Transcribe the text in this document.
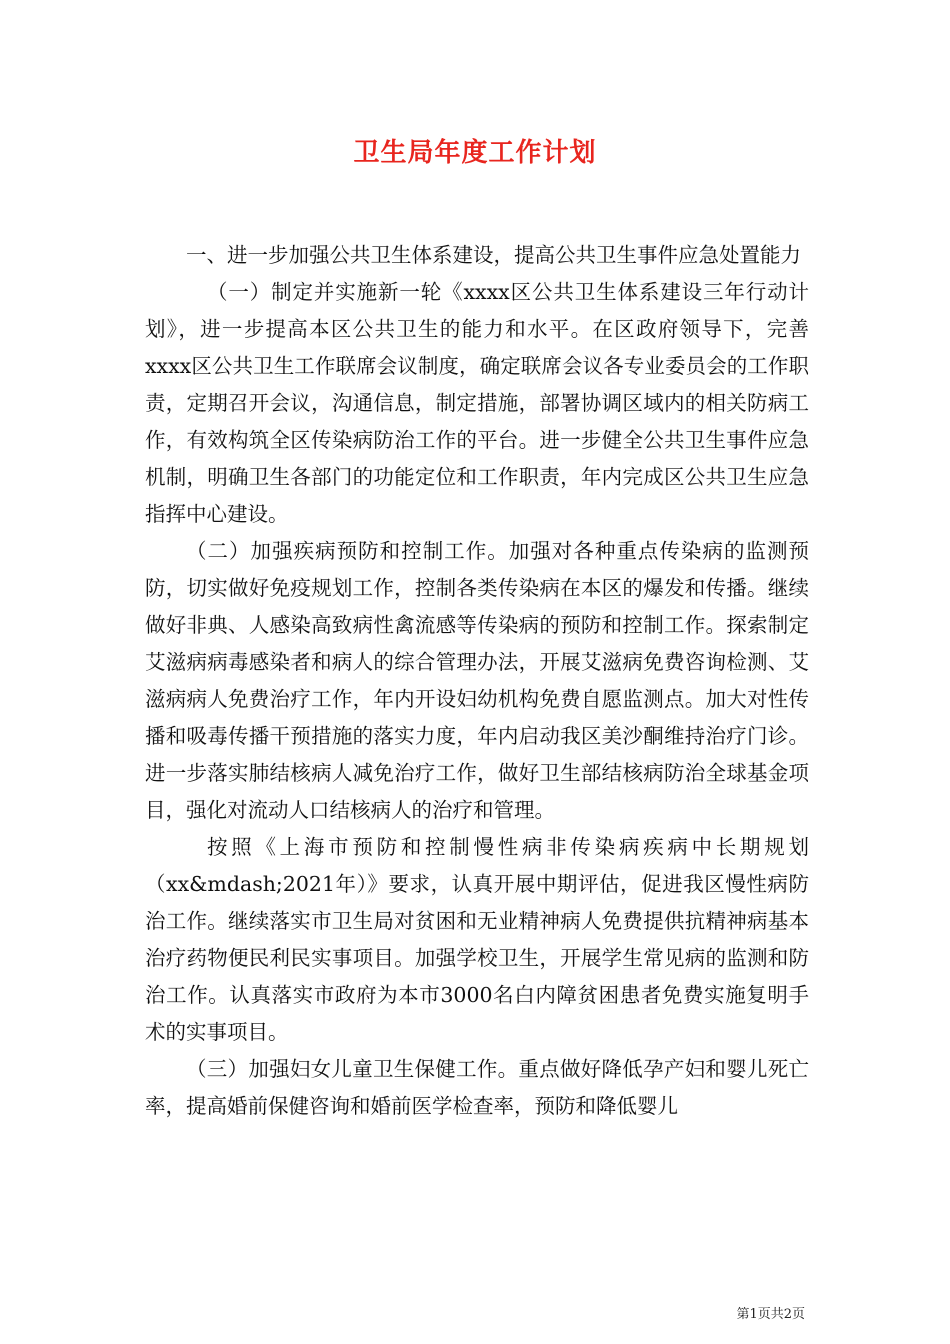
卫生局年度工作计划

一、进一步加强公共卫生体系建设，提高公共卫生事件应急处置能力

（一）制定并实施新一轮《xxxx区公共卫生体系建设三年行动计划》，进一步提高本区公共卫生的能力和水平。在区政府领导下，完善xxxx区公共卫生工作联席会议制度，确定联席会议各专业委员会的工作职责，定期召开会议，沟通信息，制定措施，部署协调区域内的相关防病工作，有效构筑全区传染病防治工作的平台。进一步健全公共卫生事件应急机制，明确卫生各部门的功能定位和工作职责，年内完成区公共卫生应急指挥中心建设。

（二）加强疾病预防和控制工作。加强对各种重点传染病的监测预防，切实做好免疫规划工作，控制各类传染病在本区的爆发和传播。继续做好非典、人感染高致病性禽流感等传染病的预防和控制工作。探索制定艾滋病病毒感染者和病人的综合管理办法，开展艾滋病免费咨询检测、艾滋病病人免费治疗工作，年内开设妇幼机构免费自愿监测点。加大对性传播和吸毒传播干预措施的落实力度，年内启动我区美沙酮维持治疗门诊。进一步落实肺结核病人减免治疗工作，做好卫生部结核病防治全球基金项目，强化对流动人口结核病人的治疗和管理。

按照《上海市预防和控制慢性病非传染病疾病中长期规划（xx&mdash;2021年）》要求，认真开展中期评估，促进我区慢性病防治工作。继续落实市卫生局对贫困和无业精神病人免费提供抗精神病基本治疗药物便民利民实事项目。加强学校卫生，开展学生常见病的监测和防治工作。认真落实市政府为本市3000名白内障贫困患者免费实施复明手术的实事项目。

（三）加强妇女儿童卫生保健工作。重点做好降低孕产妇和婴儿死亡率，提高婚前保健咨询和婚前医学检查率，预防和降低婴儿

第1页共2页
